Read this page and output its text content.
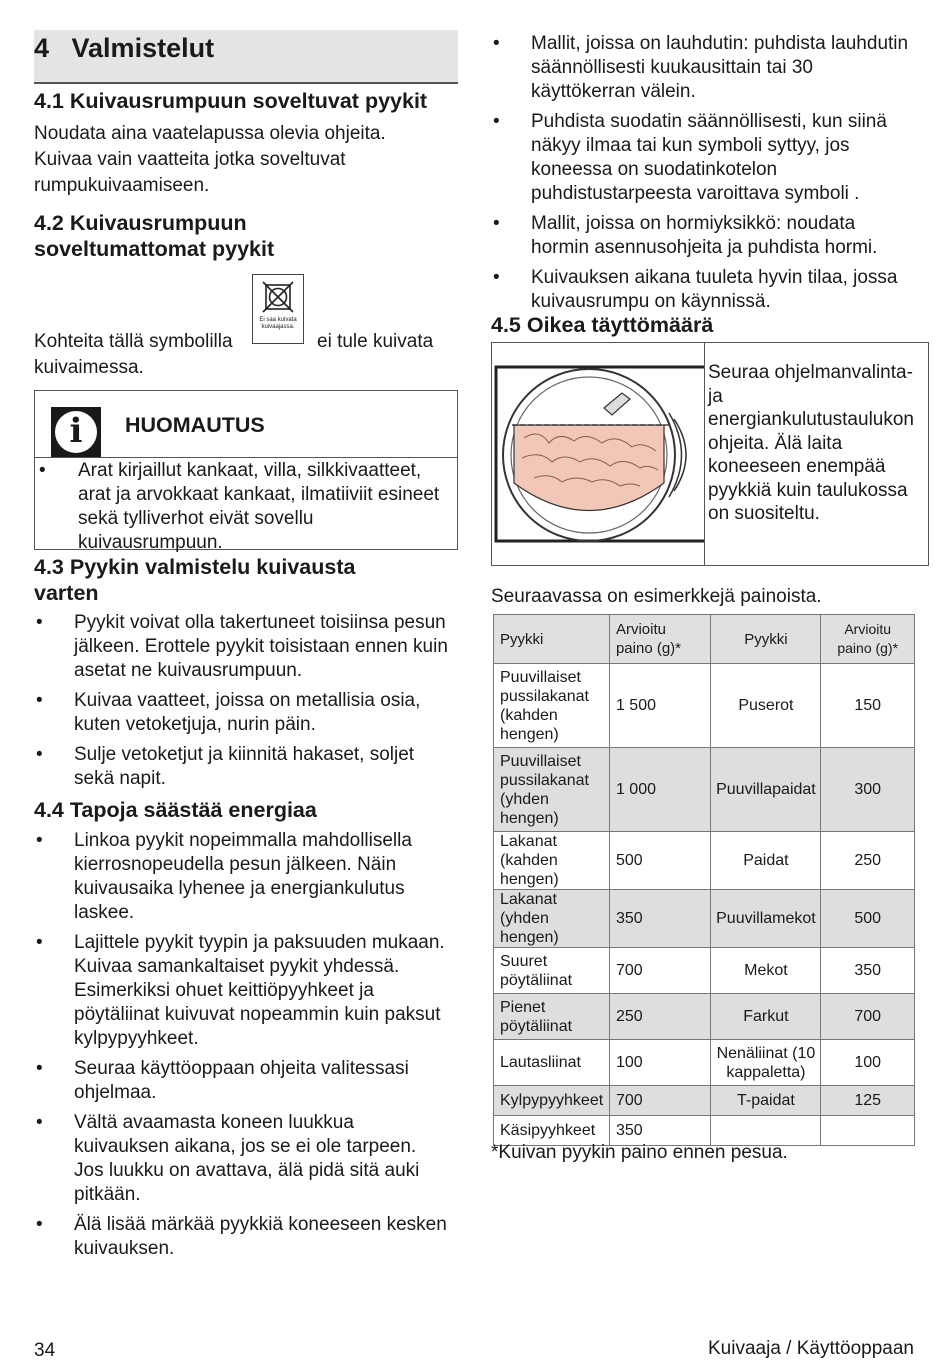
4   Valmistelut
4.1 Kuivausrumpuun soveltuvat pyykit

Noudata aina vaatelapussa olevia ohjeita. Kuivaa vain vaatteita jotka soveltuvat rumpukuivaamiseen.

4.2 Kuivausrumpuun soveltumattomat pyykit
Ei saa kuivata kuivaajassa.

Kohteita tällä symbolilla	ei tule kuivata

kuivaimessa.

i	HUOMAUTUS
• Arat kirjaillut kankaat, villa, silkkivaatteet, arat ja arvokkaat kankaat, ilmatiiviit esineet sekä tylliverhot eivät sovellu kuivausrumpuun.
4.3 Pyykin valmistelu kuivausta varten
• Pyykit voivat olla takertuneet toisiinsa pesun jälkeen. Erottele pyykit toisistaan ennen kuin asetat ne kuivausrumpuun.
• Kuivaa vaatteet, joissa on metallisia osia, kuten vetoketjuja, nurin päin.
• Sulje vetoketjut ja kiinnitä hakaset, soljet sekä napit.
4.4 Tapoja säästää energiaa
• Linkoa pyykit nopeimmalla mahdollisella kierrosnopeudella pesun jälkeen. Näin kuivausaika lyhenee ja energiankulutus laskee.
• Lajittele pyykit tyypin ja paksuuden mukaan. Kuivaa samankaltaiset pyykit yhdessä. Esimerkiksi ohuet keittiöpyyhkeet ja pöytäliinat kuivuvat nopeammin kuin paksut kylpypyyhkeet.
• Seuraa käyttöoppaan ohjeita valitessasi ohjelmaa.
• Vältä avaamasta koneen luukkua kuivauksen aikana, jos se ei ole tarpeen. Jos luukku on avattava, älä pidä sitä auki pitkään.
• Älä lisää märkää pyykkiä koneeseen kesken kuivauksen.
• Mallit, joissa on lauhdutin: puhdista lauhdutin säännöllisesti kuukausittain tai 30 käyttökerran välein.
• Puhdista suodatin säännöllisesti, kun siinä näkyy ilmaa tai kun symboli syttyy, jos koneessa on suodatinkotelon puhdistustarpeesta varoittava symboli .
• Mallit, joissa on hormiyksikkö: noudata hormin asennusohjeita ja puhdista hormi.
• Kuivauksen aikana tuuleta hyvin tilaa, jossa kuivausrumpu on käynnissä.
4.5 Oikea täyttömäärä
Seuraa ohjelmanvalinta- ja energiankulutustaulukon ohjeita. Älä laita koneeseen enempää pyykkiä kuin taulukossa on suositeltu.

Seuraavassa on esimerkkejä painoista.

Pyykki	Arvioitu paino (g)*	Pyykki	Arvioitu paino (g)*
Puuvillaiset pussilakanat (kahden hengen)	1 500	Puserot	150
Puuvillaiset pussilakanat (yhden hengen)	1 000	Puuvillapaidat	300
Lakanat (kahden hengen)	500	Paidat	250
Lakanat (yhden hengen)	350	Puuvillamekot	500
Suuret pöytäliinat	700	Mekot	350
Pienet pöytäliinat	250	Farkut	700
Lautasliinat	100	Nenäliinat (10 kappaletta)	100
Kylpypyyhkeet	700	T-paidat	125
Käsipyyhkeet	350		

*Kuivan pyykin paino ennen pesua.

34	Kuivaaja / Käyttöoppaan
